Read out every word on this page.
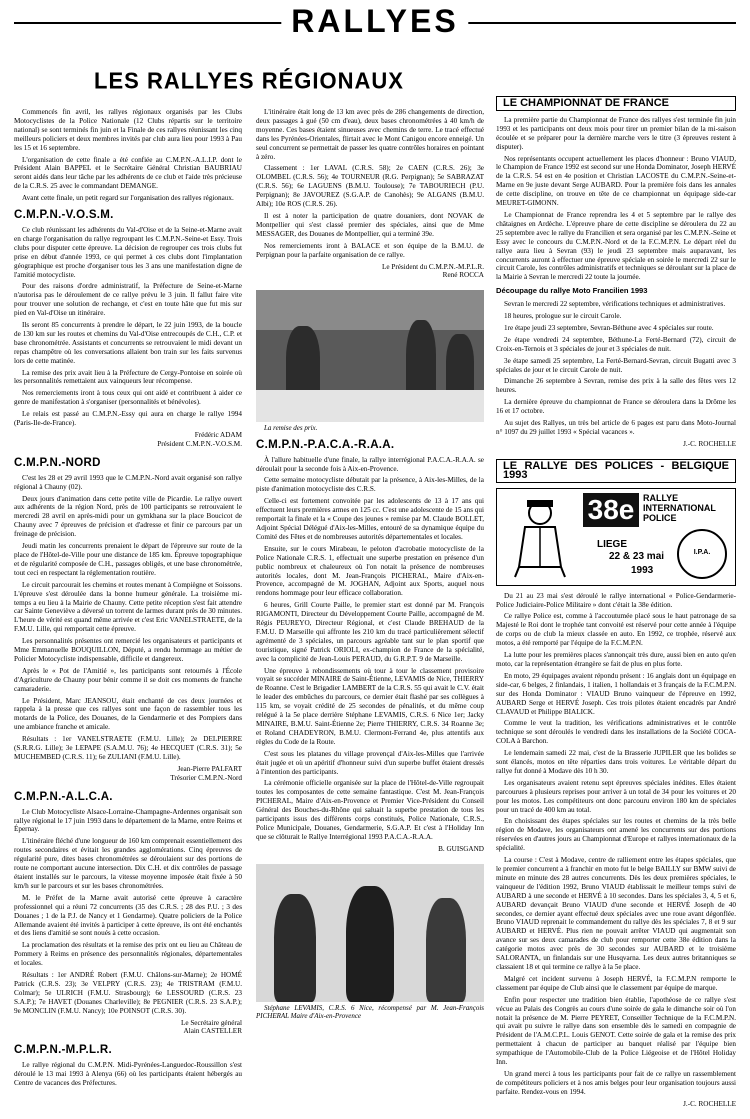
RALLYES
LES RALLYES RÉGIONAUX

Commencés fin avril, les rallyes régionaux organisés par les Clubs Motocyclistes de la Police Nationale (12 Clubs répartis sur le territoire national) se sont terminés fin juin et la Finale de ces rallyes réunissant les cinq meilleurs policiers et deux membres invités par club aura lieu pour 1993 à Pau les 15 et 16 septembre.

L'organisation de cette finale a été confiée au C.M.P.N.-A.L.I.P. dont le Président Alain BAPPEL et le Secrétaire Général Christian BAUBRIAU seront aidés dans leur tâche par les adhérents de ce club et l'aide très précieuse de la C.R.S. 25 avec le commandant DEMANGE.

Avant cette finale, un petit regard sur l'organisation des rallyes régionaux.

C.M.P.N.-V.O.S.M.

Ce club réunissant les adhérents du Val-d'Oise et de la Seine-et-Marne avait en charge l'organisation du rallye regroupant les C.M.P.N.-Seine-et Essy. Trois clubs pour disputer cette épreuve. La décision de regrouper ces trois clubs fut prise en début d'année 1993, ce qui permet à ces clubs dont l'implantation géographique est proche d'organiser tous les 3 ans une manifestation digne de l'amitié motocycliste.

Pour des raisons d'ordre administratif, la Préfecture de Seine-et-Marne n'autorisa pas le déroulement de ce rallye prévu le 3 juin. Il fallut faire vite pour trouver une solution de rechange, et c'est en toute hâte que fut mis sur pied en Val-d'Oise un itinéraire.

Ils seront 85 concurrents à prendre le départ, le 22 juin 1993, de la boucle de 130 km sur les routes et chemins du Val-d'Oise entrecoupés de C.H., C.P. et base chronométrée. Assistants et concurrents se retrouvaient le midi devant un repas champêtre où les conversations allaient bon train sur les faits survenus lors de cette matinée.

La remise des prix avait lieu à la Préfecture de Cergy-Pontoise en soirée où les personnalités remettaient aux vainqueurs leur récompense.

Nos remerciements iront à tous ceux qui ont aidé et contribuent à aider ce genre de manifestation à s'organiser (personnalités et bénévoles).

Le relais est passé au C.M.P.N.-Essy qui aura en charge le rallye 1994 (Paris-Ile-de-France).

Frédéric ADAM
Président C.M.P.N.-V.O.S.M.

C.M.P.N.-NORD

C'est les 28 et 29 avril 1993 que le C.M.P.N.-Nord avait organisé son rallye régional à Chauny (02).

Deux jours d'animation dans cette petite ville de Picardie. Le rallye ouvert aux adhérents de la région Nord, près de 100 participants se retrouvaient le mercredi 28 avril en après-midi pour un gymkhana sur la place Boucicot de Chauny avec 7 épreuves de précision et d'adresse et finir ce parcours par un freinage de précision.

Jeudi matin les concurrents prenaient le départ de l'épreuve sur route de la place de l'Hôtel-de-Ville pour une distance de 185 km. Épreuve topographique et de régularité composée de C.H., passages obligés, et une base chronométrée, tout ceci en respectant la réglementation routière.

Le circuit parcourait les chemins et routes menant à Compiègne et Soissons. L'épreuve s'est déroulée dans la bonne humeur générale. La troisième mi-temps a eu lieu à la Mairie de Chauny. Cette petite réception s'est fait attendre car Sainte Geneviève a déversé un torrent de larmes durant près de 30 minutes. L'heure de vérité est quand même arrivée et c'est Eric VANELSTRAETE, de la F.M.U. Lille, qui remportait cette épreuve.

Les personnalités présentes ont remercié les organisateurs et participants et Mme Emmanuelle BOUQUILLON, Député, a rendu hommage au métier de Policier Motocycliste indispensable, difficile et dangereux.

Après le « Pot de l'Amitié », les participants sont retournés à l'École d'Agriculture de Chauny pour bénir comme il se doit ces moments de franche camaraderie.

Le Président, Marc JEANSOU, était enchanté de ces deux journées et rappela à la presse que ces rallyes sont une façon de rassembler tous les motards de la Police, des Douanes, de la Gendarmerie et des Pompiers dans une ambiance franche et amicale.

Résultats : 1er VANELSTRAETE (F.M.U. Lille); 2e DELPIERRE (S.R.R.G. Lille); 3e LEPAPE (S.A.M.U. 76); 4e HECQUET (C.R.S. 31); 5e MUCHEMBED (C.R.S. 11); 6e ZULIANI (F.M.U. Lille).

Jean-Pierre PALFART
Trésorier C.M.P.N.-Nord

C.M.P.N.-A.L.C.A.

Le Club Motocycliste Alsace-Lorraine-Champagne-Ardennes organisait son rallye régional le 17 juin 1993 dans le département de la Marne, entre Reims et Épernay.

L'itinéraire fléché d'une longueur de 160 km comprenait essentiellement des routes secondaires et évitait les grandes agglomérations. Cinq épreuves de régularité pure, dites bases chronométrées se déroulaient sur des portions de route ne comportant aucune intersection. Dix C.H. et dix contrôles de passage étaient installés sur le parcours, la vitesse moyenne imposée était fixée à 50 km/h sur le parcours et sur les bases chronométrées.

M. le Préfet de la Marne avait autorisé cette épreuve à caractère professionnel qui a réuni 72 concurrents (35 des C.R.S. ; 28 des P.U. ; 3 des Douanes ; 1 de la P.J. de Nancy et 1 Gendarme). Quatre policiers de la Police Allemande avaient été invités à participer à cette épreuve, ils ont été enchantés et des liens d'amitié se sont noués à cette occasion.

La proclamation des résultats et la remise des prix ont eu lieu au Château de Pommery à Reims en présence des personnalités régionales, départementales et locales.

Résultats : 1er ANDRÉ Robert (F.M.U. Châlons-sur-Marne); 2e HOMÉ Patrick (C.R.S. 23); 3e VELPRY (C.R.S. 23); 4e TRISTRAM (F.M.U. Colmar); 5e ULRICH (F.M.U. Strasbourg); 6e LESSOURD (C.R.S. 23 S.A.P.); 7e HAVET (Douanes Charleville); 8e PEGNIER (C.R.S. 23 S.A.P.); 9e MONCLIN (F.M.U. Nancy); 10e POINSOT (C.R.S. 30).

Le Secrétaire général
Alain CASTELLER

C.M.P.N.-M.P.L.R.

Le rallye régional du C.M.P.N. Midi-Pyrénées-Languedoc-Roussillon s'est déroulé le 13 mai 1993 à Alenya (66) où les participants étaient hébergés au Centre de vacances des Préfectures.

L'itinéraire était long de 13 km avec près de 286 changements de direction, deux passages à gué (50 cm d'eau), deux bases chronométrées à 40 km/h de moyenne. Ces bases étaient sinueuses avec chemins de terre. Le tracé effectué dans les Pyrénées-Orientales, flirtait avec le Mont Canigou encore enneigé. Un seul concurrent se permettait de passer les quatre contrôles horaires en pointant à zéro.

Classement : 1er LAVAL (C.R.S. 58); 2e CAEN (C.R.S. 26); 3e OLOMBEL (C.R.S. 56); 4e TOURNEUR (R.G. Perpignan); 5e SABRAZAT (C.R.S. 56); 6e LAGUENS (B.M.U. Toulouse); 7e TABOURIECH (P.U. Perpignan); 8e JAVOUREZ (S.G.A.P. de Canohès); 9e ALGANS (B.M.U. Albi); 10e ROS (C.R.S. 26).

Il est à noter la participation de quatre douaniers, dont NOVAK de Montpellier qui s'est classé premier des spéciales, ainsi que de Mme MESSAGER, des Douanes de Montpellier, qui a terminé 39e.

Nos remerciements iront à BALACE et son équipe de la B.M.U. de Perpignan pour la parfaite organisation de ce rallye.

Le Président du C.M.P.N.-M.P.L.R.
René ROCCA

La remise des prix.

C.M.P.N.-P.A.C.A.-R.A.A.

À l'allure habituelle d'une finale, la rallye interrégional P.A.C.A.-R.A.A. se déroulait pour la seconde fois à Aix-en-Provence.

Cette semaine motocycliste débutait par la présence, à Aix-les-Milles, de la piste d'animation motocycliste des C.R.S.

Celle-ci est fortement convoitée par les adolescents de 13 à 17 ans qui effectuent leurs premières armes en 125 cc. C'est une adolescente de 15 ans qui remportait la finale et la « Coupe des jeunes » remise par M. Claude BOLLET, Adjoint Spécial Délégué d'Aix-les-Milles, entouré de sa dynamique équipe du Comité des Fêtes et de nombreuses autorités départementales et locales.

Ensuite, sur le cours Mirabeau, le peloton d'acrobatie motocycliste de la Police Nationale C.R.S. 1, effectuait une superbe prestation en présence d'un public nombreux et chaleureux où l'on notait la présence de nombreuses autorités locales, dont M. Jean-François PICHERAL, Maire d'Aix-en-Provence, accompagné de M. JOGHAN, Adjoint aux Sports, auquel nous rendons hommage pour leur efficace collaboration.

6 heures, Grill Courte Paille, le premier start est donné par M. François RIGAMONTI, Directeur du Développement Courte Paille, accompagné de M. Régis PEUREYO, Directeur Régional, et c'est Claude BREHAUD de la F.M.U. D Marseille qui affronte les 210 km du tracé particulièrement sélectif agrémenté de 3 spéciales, un parcours agréable tant sur le plan sportif que touristique, signé Patrick ORIOLI, ex-champion de France de la spécialité, avec la complicité de Jean-Louis PERAUD, du G.R.P.T. 9 de Marseille.

Une épreuve à rebondissements où tour à tour le classement provisoire voyait se succéder MINAIRE de Saint-Étienne, LEVAMIS de Nice, THIERRY de Roanne. C'est le Brigadier LAMBERT de la C.R.S. 55 qui avait le C.V. était le leader des embûches du parcours, ce dernier était flashé par ses collègues à 115 km, se voyait crédité de 25 secondes de pénalités, et du même coup relégué à la 5e place derrière Stéphane LEVAMIS, C.R.S. 6 Nice 1er; Jacky MINAIRE, B.M.U. Saint-Étienne 2e; Pierre THIERRY, C.R.S. 34 Roanne 3e; et Roland CHADEYRON, B.M.U. Clermont-Ferrand 4e, plus attentifs aux règles du Code de la Route.

C'est sous les platanes du village provençal d'Aix-les-Milles que l'arrivée était jugée et où un apéritif d'honneur suivi d'un superbe buffet étaient dressés à l'intention des participants.

La cérémonie officielle organisée sur la place de l'Hôtel-de-Ville regroupait toutes les composantes de cette semaine fantastique. C'est M. Jean-François PICHERAL, Maire d'Aix-en-Provence et Premier Vice-Président du Conseil Général des Bouches-du-Rhône qui saluait la superbe prestation de tous les participants issus des différents corps constitués, Police Nationale, C.R.S., Police Municipale, Douanes, Gendarmerie, S.G.A.P. Et c'est à l'Holiday Inn que se clôturait le Rallye Interrégional 1993 P.A.C.A.-R.A.A.

B. GUISGAND

Stéphane LEVAMIS, C.R.S. 6 Nice, récompensé par M. Jean-François PICHERAL Maire d'Aix-en-Provence

LE CHAMPIONNAT DE FRANCE

La première partie du Championnat de France des rallyes s'est terminée fin juin 1993 et les participants ont deux mois pour tirer un premier bilan de la mi-saison écoulée et se préparer pour la dernière marche vers le titre (3 épreuves restent à disputer).

Nos représentants occupent actuellement les places d'honneur : Bruno VIAUD, le Champion de France 1992 est second sur une Honda Dominator, Joseph HERVÉ de la C.R.S. 54 est en 4e position et Christian LACOSTE du C.M.P.N.-Seine-et-Marne en 9e juste devant Serge AUBARD. Pour la première fois dans les annales de cette discipline, on trouve en tête de ce championnat un équipage side-car MEURET-GIMONN.

Le Championnat de France reprendra les 4 et 5 septembre par le rallye des châtaignes en Ardèche. L'épreuve phare de cette discipline se déroulera du 22 au 25 septembre avec le rallye du Francilien et sera organisé par les C.M.P.N.-Seine et Essy avec le concours du C.M.P.N.-Nord et de la F.C.M.P.N. Le départ réel du rallye aura lieu à Sevran (93) le jeudi 23 septembre mais auparavant, les concurrents auront à effectuer une épreuve spéciale en soirée le mercredi 22 sur le circuit Carole, les contrôles administratifs et techniques se déroulant sur la place de la Mairie à Sevran le mercredi 22 toute la journée.

Découpage du rallye Moto Francilien 1993

Sevran le mercredi 22 septembre, vérifications techniques et administratives.

18 heures, prologue sur le circuit Carole.

1re étape jeudi 23 septembre, Sevran-Béthune avec 4 spéciales sur route.

2e étape vendredi 24 septembre, Béthune-La Ferté-Bernard (72), circuit de Croix-en-Ternois et 3 spéciales de jour et 3 spéciales de nuit.

3e étape samedi 25 septembre, La Ferté-Bernard-Sevran, circuit Bugatti avec 3 spéciales de jour et le circuit Carole de nuit.

Dimanche 26 septembre à Sevran, remise des prix à la salle des fêtes vers 12 heures.

La dernière épreuve du championnat de France se déroulera dans la Drôme les 16 et 17 octobre.

Au sujet des Rallyes, un très bel article de 6 pages est paru dans Moto-Journal n° 1097 du 29 juillet 1993 « Spécial vacances ».

J.-C. ROCHELLE

LE RALLYE DES POLICES - BELGIQUE 1993
38e RALLYE
INTERNATIONAL
POLICE
LIEGE
22 & 23 mai
1993
I.P.A.

Du 21 au 23 mai s'est déroulé le rallye international « Police-Gendarmerie-Police Judiciaire-Police Militaire » dont c'était la 38e édition.

Ce rallye Police est, comme à l'accoutumée placé sous le haut patronage de sa Majesté le Roi dont le trophée tant convoité est réservé pour cette année à l'équipe de corps ou de club la mieux classée en auto. En 1992, ce trophée, réservé aux motos, a été remporté par l'équipe de la F.C.M.P.N.

La lutte pour les premières places s'annonçait très dure, aussi bien en auto qu'en moto, car la représentation étrangère se fait de plus en plus forte.

En moto, 29 équipages avaient répondu présent : 16 anglais dont un équipage en side-car, 6 belges, 2 finlandais, 1 italien, 1 hollandais et 3 français de la F.C.M.P.N. sur des Honda Dominator : VIAUD Bruno vainqueur de l'épreuve en 1992, AUBARD Serge et HERVÉ Joseph. Ces trois pilotes étaient encadrés par André CLAVAUD et Philippe BIALICK.

Comme le veut la tradition, les vérifications administratives et le contrôle technique se sont déroulés le vendredi dans les installations de la Société COCA-COLA à Barchon.

Le lendemain samedi 22 mai, c'est de la Brasserie JUPILER que les bolides se sont élancés, motos en tête réparties dans trois voitures. Le véritable départ du rallye fut donné à Modave dès 10 h 30.

Les organisateurs avaient retenu sept épreuves spéciales inédites. Elles étaient parcourues à plusieurs reprises pour arriver à un total de 34 pour les voitures et 20 pour les motos. Les compétiteurs ont donc parcouru environ 180 km de spéciales pour un tracé de 400 km au total.

En choisissant des étapes spéciales sur les routes et chemins de la très belle région de Modave, les organisateurs ont amené les concurrents sur des portions réservées en d'autres jours au Championnat d'Europe et rallyes internationaux de la spécialité.

La course : C'est à Modave, centre de ralliement entre les étapes spéciales, que le premier concurrent a à franchir en moto fut le belge BAILLY sur BMW suivi de minute en minute des 28 autres concurrents. Dès les deux premières spéciales, le vainqueur de l'édition 1992, Bruno VIAUD établissait le meilleur temps suivi de AUBARD à une seconde et HERVÉ à 10 secondes. Dans les spéciales 3, 4, 5 et 6, AUBARD devançait Bruno VIAUD d'une seconde et HERVÉ Joseph de 40 secondes, ce dernier ayant effectué deux spéciales avec une roue avant dégonflée. Bruno VIAUD reprenait le commandement du rallye dès les spéciales 7, 8 et 9 sur AUBARD et HERVÉ. Plus rien ne pouvait arrêter VIAUD qui augmentait son avance sur ses deux camarades de club pour remporter cette 38e édition dans la catégorie motos avec près de 30 secondes sur AUBARD et le troisième SALORANTA, un finlandais sur une Husqvarna. Les deux autres britanniques se classaient 18 et qui termine ce rallye à la 5e place.

Malgré cet incident survenu à Joseph HERVÉ, la F.C.M.P.N remporte le classement par équipe de Club ainsi que le classement par équipe de marque.

Enfin pour respecter une tradition bien établie, l'apothéose de ce rallye s'est vécue au Palais des Congrès au cours d'une soirée de gala le dimanche soir où l'on notait la présence de M. Pierre PEYRET, Conseiller Technique de la F.C.M.P.N. qui avait pu suivre le rallye dans son ensemble dès le samedi en compagnie de Président de l'A.M.C.P.L. Louis GENOT. Cette soirée de gala et la remise des prix permettaient à chacun de participer au banquet réalisé par l'équipe bien sympathique de l'Automobile-Club de la Police Liégeoise et de l'Hôtel Holiday Inn.

Un grand merci à tous les participants pour fait de ce rallye un rassemblement de compétiteurs policiers et à nos amis belges pour leur organisation toujours aussi parfaite. Rendez-vous en 1994.

J.-C. ROCHELLE
